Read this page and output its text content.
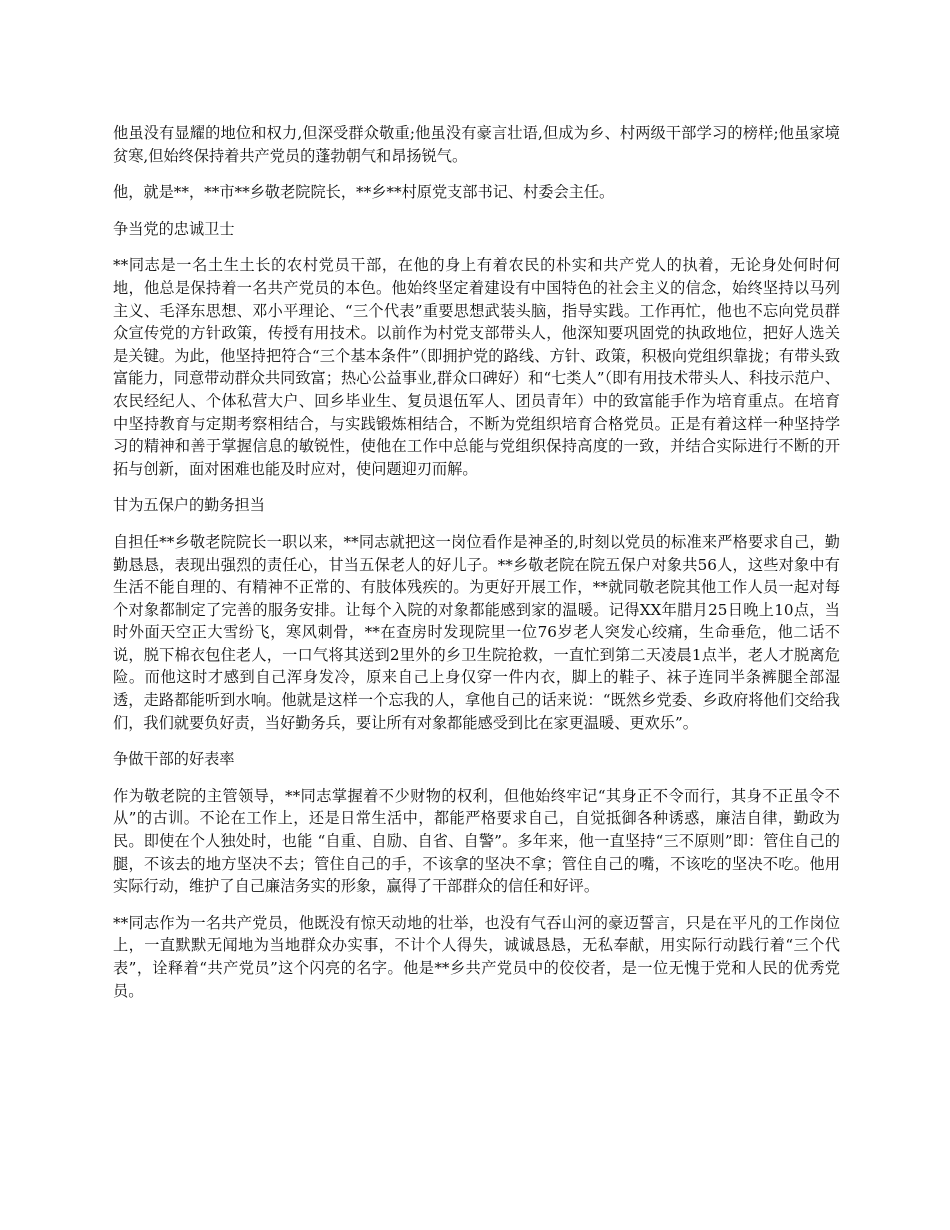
他虽没有显耀的地位和权力,但深受群众敬重;他虽没有豪言壮语,但成为乡、村两级干部学习的榜样;他虽家境贫寒,但始终保持着共产党员的蓬勃朝气和昂扬锐气。

他，就是**，**市**乡敬老院院长，**乡**村原党支部书记、村委会主任。

争当党的忠诚卫士

**同志是一名土生土长的农村党员干部，在他的身上有着农民的朴实和共产党人的执着，无论身处何时何地，他总是保持着一名共产党员的本色。他始终坚定着建设有中国特色的社会主义的信念，始终坚持以马列主义、毛泽东思想、邓小平理论、“三个代表”重要思想武装头脑，指导实践。工作再忙，他也不忘向党员群众宣传党的方针政策，传授有用技术。以前作为村党支部带头人，他深知要巩固党的执政地位，把好人选关是关键。为此，他坚持把符合“三个基本条件”（即拥护党的路线、方针、政策，积极向党组织靠拢；有带头致富能力，同意带动群众共同致富；热心公益事业,群众口碑好）和“七类人”（即有用技术带头人、科技示范户、农民经纪人、个体私营大户、回乡毕业生、复员退伍军人、团员青年）中的致富能手作为培育重点。在培育中坚持教育与定期考察相结合，与实践锻炼相结合，不断为党组织培育合格党员。正是有着这样一种坚持学习的精神和善于掌握信息的敏锐性，使他在工作中总能与党组织保持高度的一致，并结合实际进行不断的开拓与创新，面对困难也能及时应对，使问题迎刃而解。

甘为五保户的勤务担当

自担任**乡敬老院院长一职以来，**同志就把这一岗位看作是神圣的,时刻以党员的标准来严格要求自己，勤勤恳恳，表现出强烈的责任心，甘当五保老人的好儿子。**乡敬老院在院五保户对象共56人，这些对象中有生活不能自理的、有精神不正常的、有肢体残疾的。为更好开展工作，**就同敬老院其他工作人员一起对每个对象都制定了完善的服务安排。让每个入院的对象都能感到家的温暖。记得XX年腊月25日晚上10点，当时外面天空正大雪纷飞，寒风刺骨，**在查房时发现院里一位76岁老人突发心绞痛，生命垂危，他二话不说，脱下棉衣包住老人，一口气将其送到2里外的乡卫生院抢救，一直忙到第二天凌晨1点半，老人才脱离危险。而他这时才感到自己浑身发冷，原来自己上身仅穿一件内衣，脚上的鞋子、袜子连同半条裤腿全部湿透，走路都能听到水响。他就是这样一个忘我的人，拿他自己的话来说：“既然乡党委、乡政府将他们交给我们，我们就要负好责，当好勤务兵，要让所有对象都能感受到比在家更温暖、更欢乐”。

争做干部的好表率

作为敬老院的主管领导，**同志掌握着不少财物的权利，但他始终牢记“其身正不令而行，其身不正虽令不从”的古训。不论在工作上，还是日常生活中，都能严格要求自己，自觉抵御各种诱惑，廉洁自律，勤政为民。即使在个人独处时，也能 “自重、自励、自省、自警”。多年来，他一直坚持“三不原则”即：管住自己的腿，不该去的地方坚决不去；管住自己的手，不该拿的坚决不拿；管住自己的嘴，不该吃的坚决不吃。他用实际行动，维护了自己廉洁务实的形象，赢得了干部群众的信任和好评。

**同志作为一名共产党员，他既没有惊天动地的壮举，也没有气吞山河的豪迈誓言，只是在平凡的工作岗位上，一直默默无闻地为当地群众办实事，不计个人得失，诚诚恳恳，无私奉献，用实际行动践行着“三个代表”，诠释着“共产党员”这个闪亮的名字。他是**乡共产党员中的佼佼者，是一位无愧于党和人民的优秀党员。
